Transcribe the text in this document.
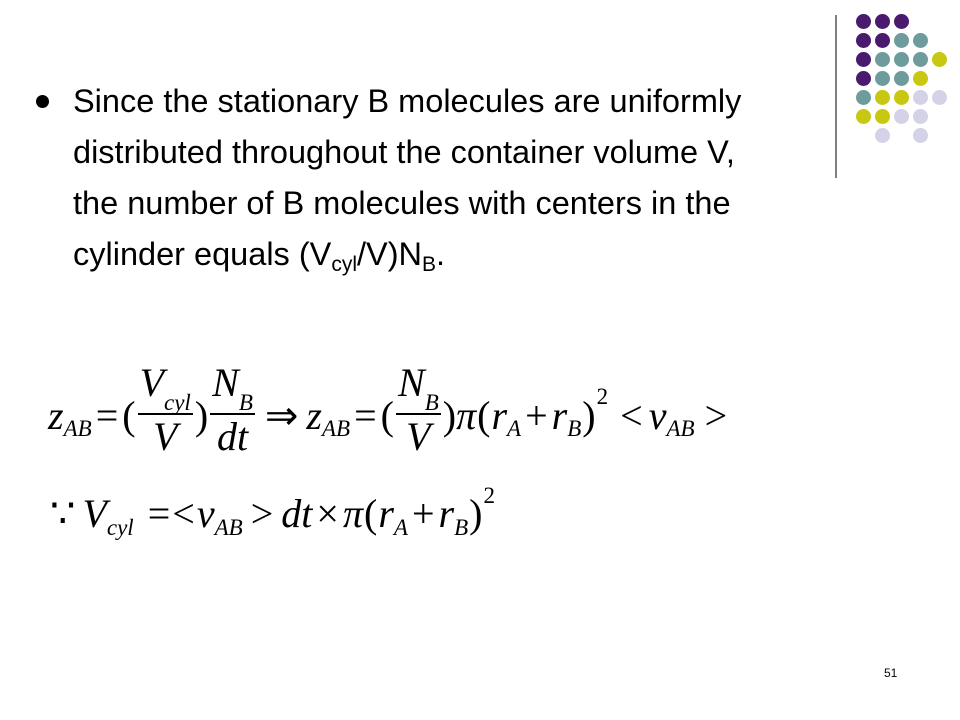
Since the stationary B molecules are uniformly distributed throughout the container volume V, the number of B molecules with centers in the cylinder equals $(V_{cyl}/V)N_B$.
z AB = ( $\frac{\text{Vcyl}}{V}$ ) $\frac{NB}{dt}$ ⇒ z AB = ( $\frac{NB}{V}$ ) π ( r A + r B ) 2 < v AB >
∵ V cyl = < v AB > dt × π ( r A + r B ) 2
51
